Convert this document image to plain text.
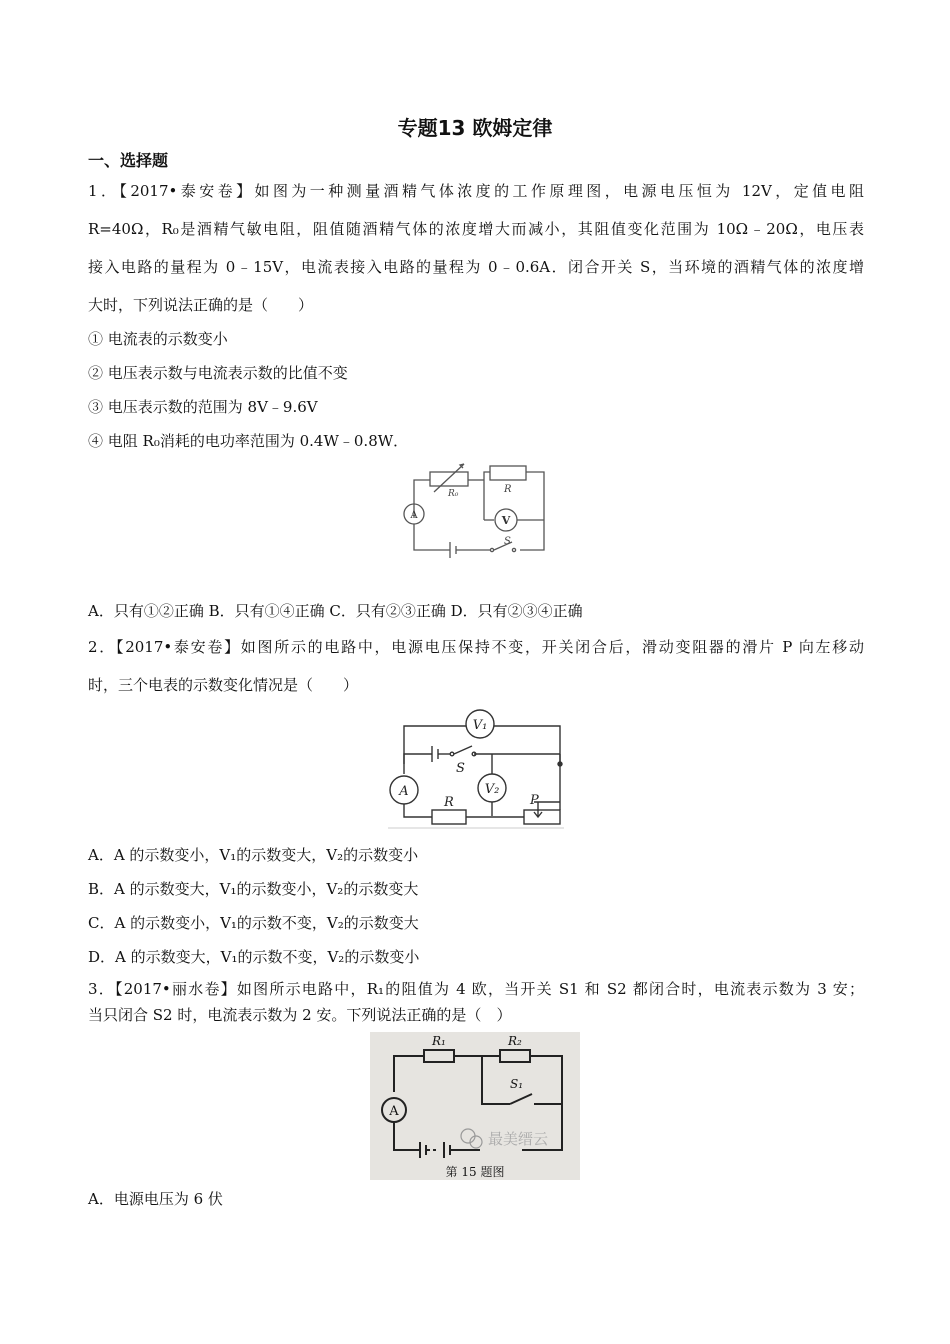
专题13 欧姆定律
一、选择题
1．【2017•泰安卷】如图为一种测量酒精气体浓度的工作原理图，电源电压恒为 12V，定值电阻
R=40Ω，R₀是酒精气敏电阻，阻值随酒精气体的浓度增大而减小，其阻值变化范围为 10Ω﹣20Ω，电压表
接入电路的量程为 0﹣15V，电流表接入电路的量程为 0﹣0.6A．闭合开关 S，当环境的酒精气体的浓度增
大时，下列说法正确的是（　　）
① 电流表的示数变小
② 电压表示数与电流表示数的比值不变
③ 电压表示数的范围为 8V﹣9.6V
④ 电阻 R₀消耗的电功率范围为 0.4W﹣0.8W．
A	V
R₀	R
S
A．只有①②正确 B．只有①④正确 C．只有②③正确 D．只有②③④正确
2．【2017•泰安卷】如图所示的电路中，电源电压保持不变，开关闭合后，滑动变阻器的滑片 P 向左移动
时，三个电表的示数变化情况是（　　）
V₁
V₂
A
S
R	P
A．A 的示数变小，V₁的示数变大，V₂的示数变小
B．A 的示数变大，V₁的示数变小，V₂的示数变大
C．A 的示数变小，V₁的示数不变，V₂的示数变大
D．A 的示数变大，V₁的示数不变，V₂的示数变小
3．【2017•丽水卷】如图所示电路中，R₁的阻值为 4 欧，当开关 S1 和 S2 都闭合时，电流表示数为 3 安；
当只闭合 S2 时，电流表示数为 2 安。下列说法正确的是（　）
A
R₁	R₂
S₁
最美缙云
第 15 题图
A．电源电压为 6 伏
